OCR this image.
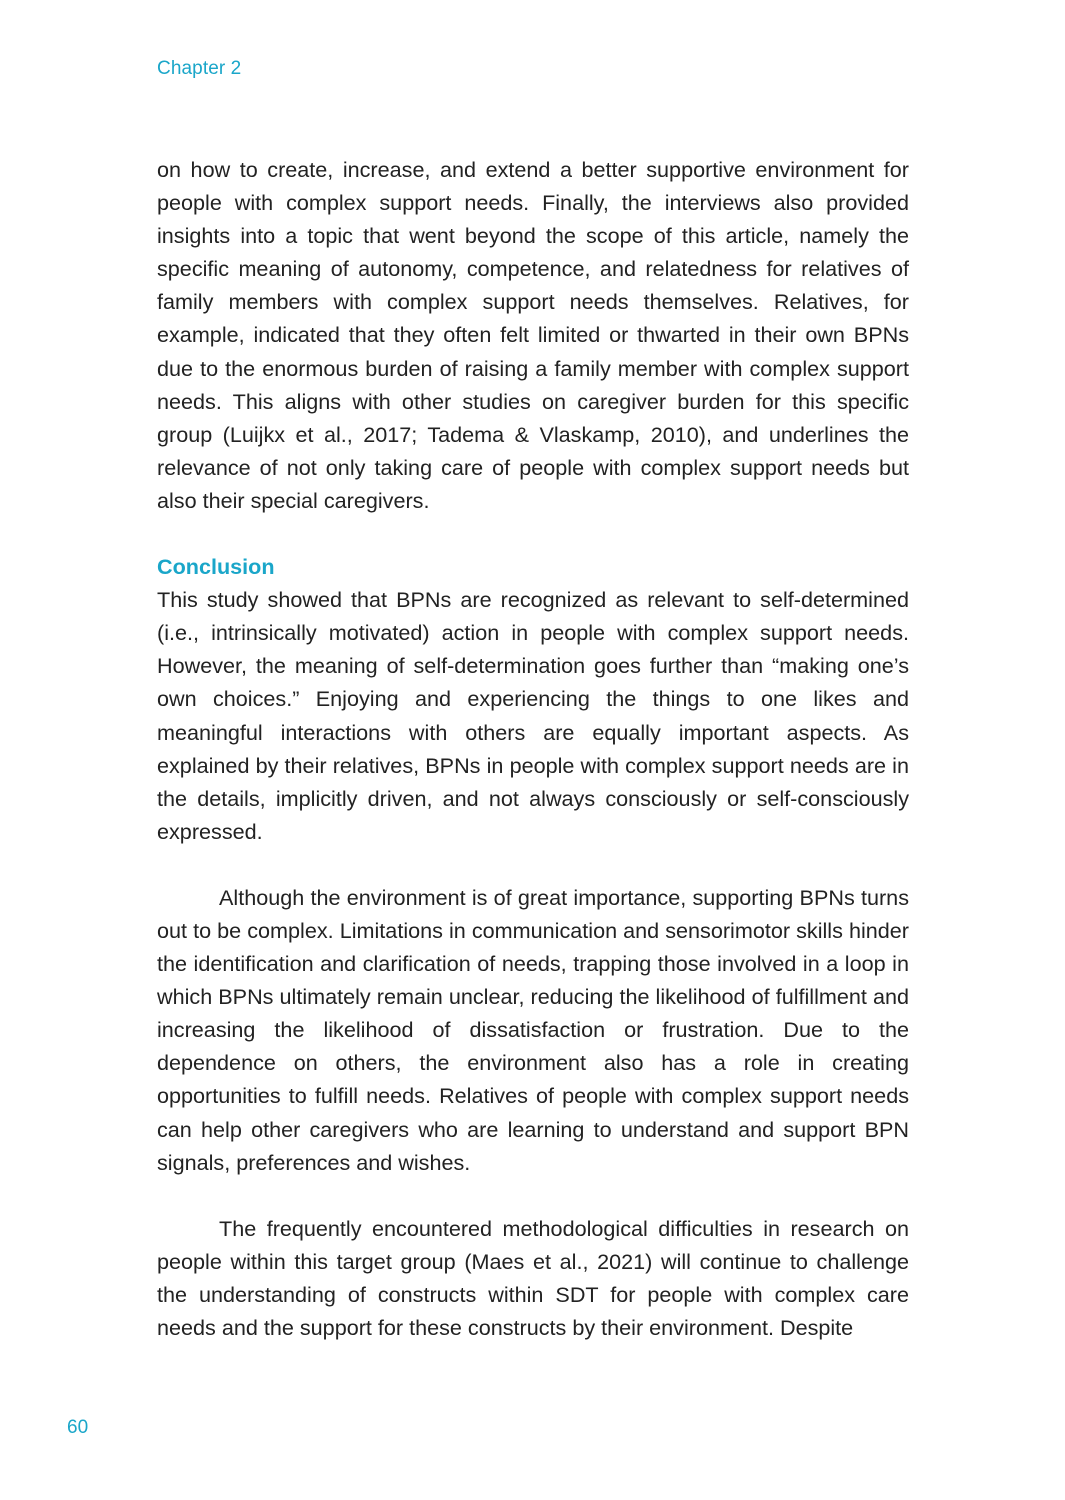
Chapter 2

on how to create, increase, and extend a better supportive environment for people with complex support needs. Finally, the interviews also provided insights into a topic that went beyond the scope of this article, namely the specific meaning of autonomy, competence, and relatedness for relatives of family members with complex support needs themselves. Relatives, for example, indicated that they often felt limited or thwarted in their own BPNs due to the enormous burden of raising a family member with complex support needs. This aligns with other studies on caregiver burden for this specific group (Luijkx et al., 2017; Tadema & Vlaskamp, 2010), and underlines the relevance of not only taking care of people with complex support needs but also their special caregivers.

Conclusion

This study showed that BPNs are recognized as relevant to self-determined (i.e., intrinsically motivated) action in people with complex support needs. However, the meaning of self-determination goes further than “making one’s own choices.” Enjoying and experiencing the things to one likes and meaningful interactions with others are equally important aspects. As explained by their relatives, BPNs in people with complex support needs are in the details, implicitly driven, and not always consciously or self-consciously expressed.

Although the environment is of great importance, supporting BPNs turns out to be complex. Limitations in communication and sensorimotor skills hinder the identification and clarification of needs, trapping those involved in a loop in which BPNs ultimately remain unclear, reducing the likelihood of fulfillment and increasing the likelihood of dissatisfaction or frustration. Due to the dependence on others, the environment also has a role in creating opportunities to fulfill needs. Relatives of people with complex support needs can help other caregivers who are learning to understand and support BPN signals, preferences and wishes.

The frequently encountered methodological difficulties in research on people within this target group (Maes et al., 2021) will continue to challenge the understanding of constructs within SDT for people with complex care needs and the support for these constructs by their environment. Despite

60
